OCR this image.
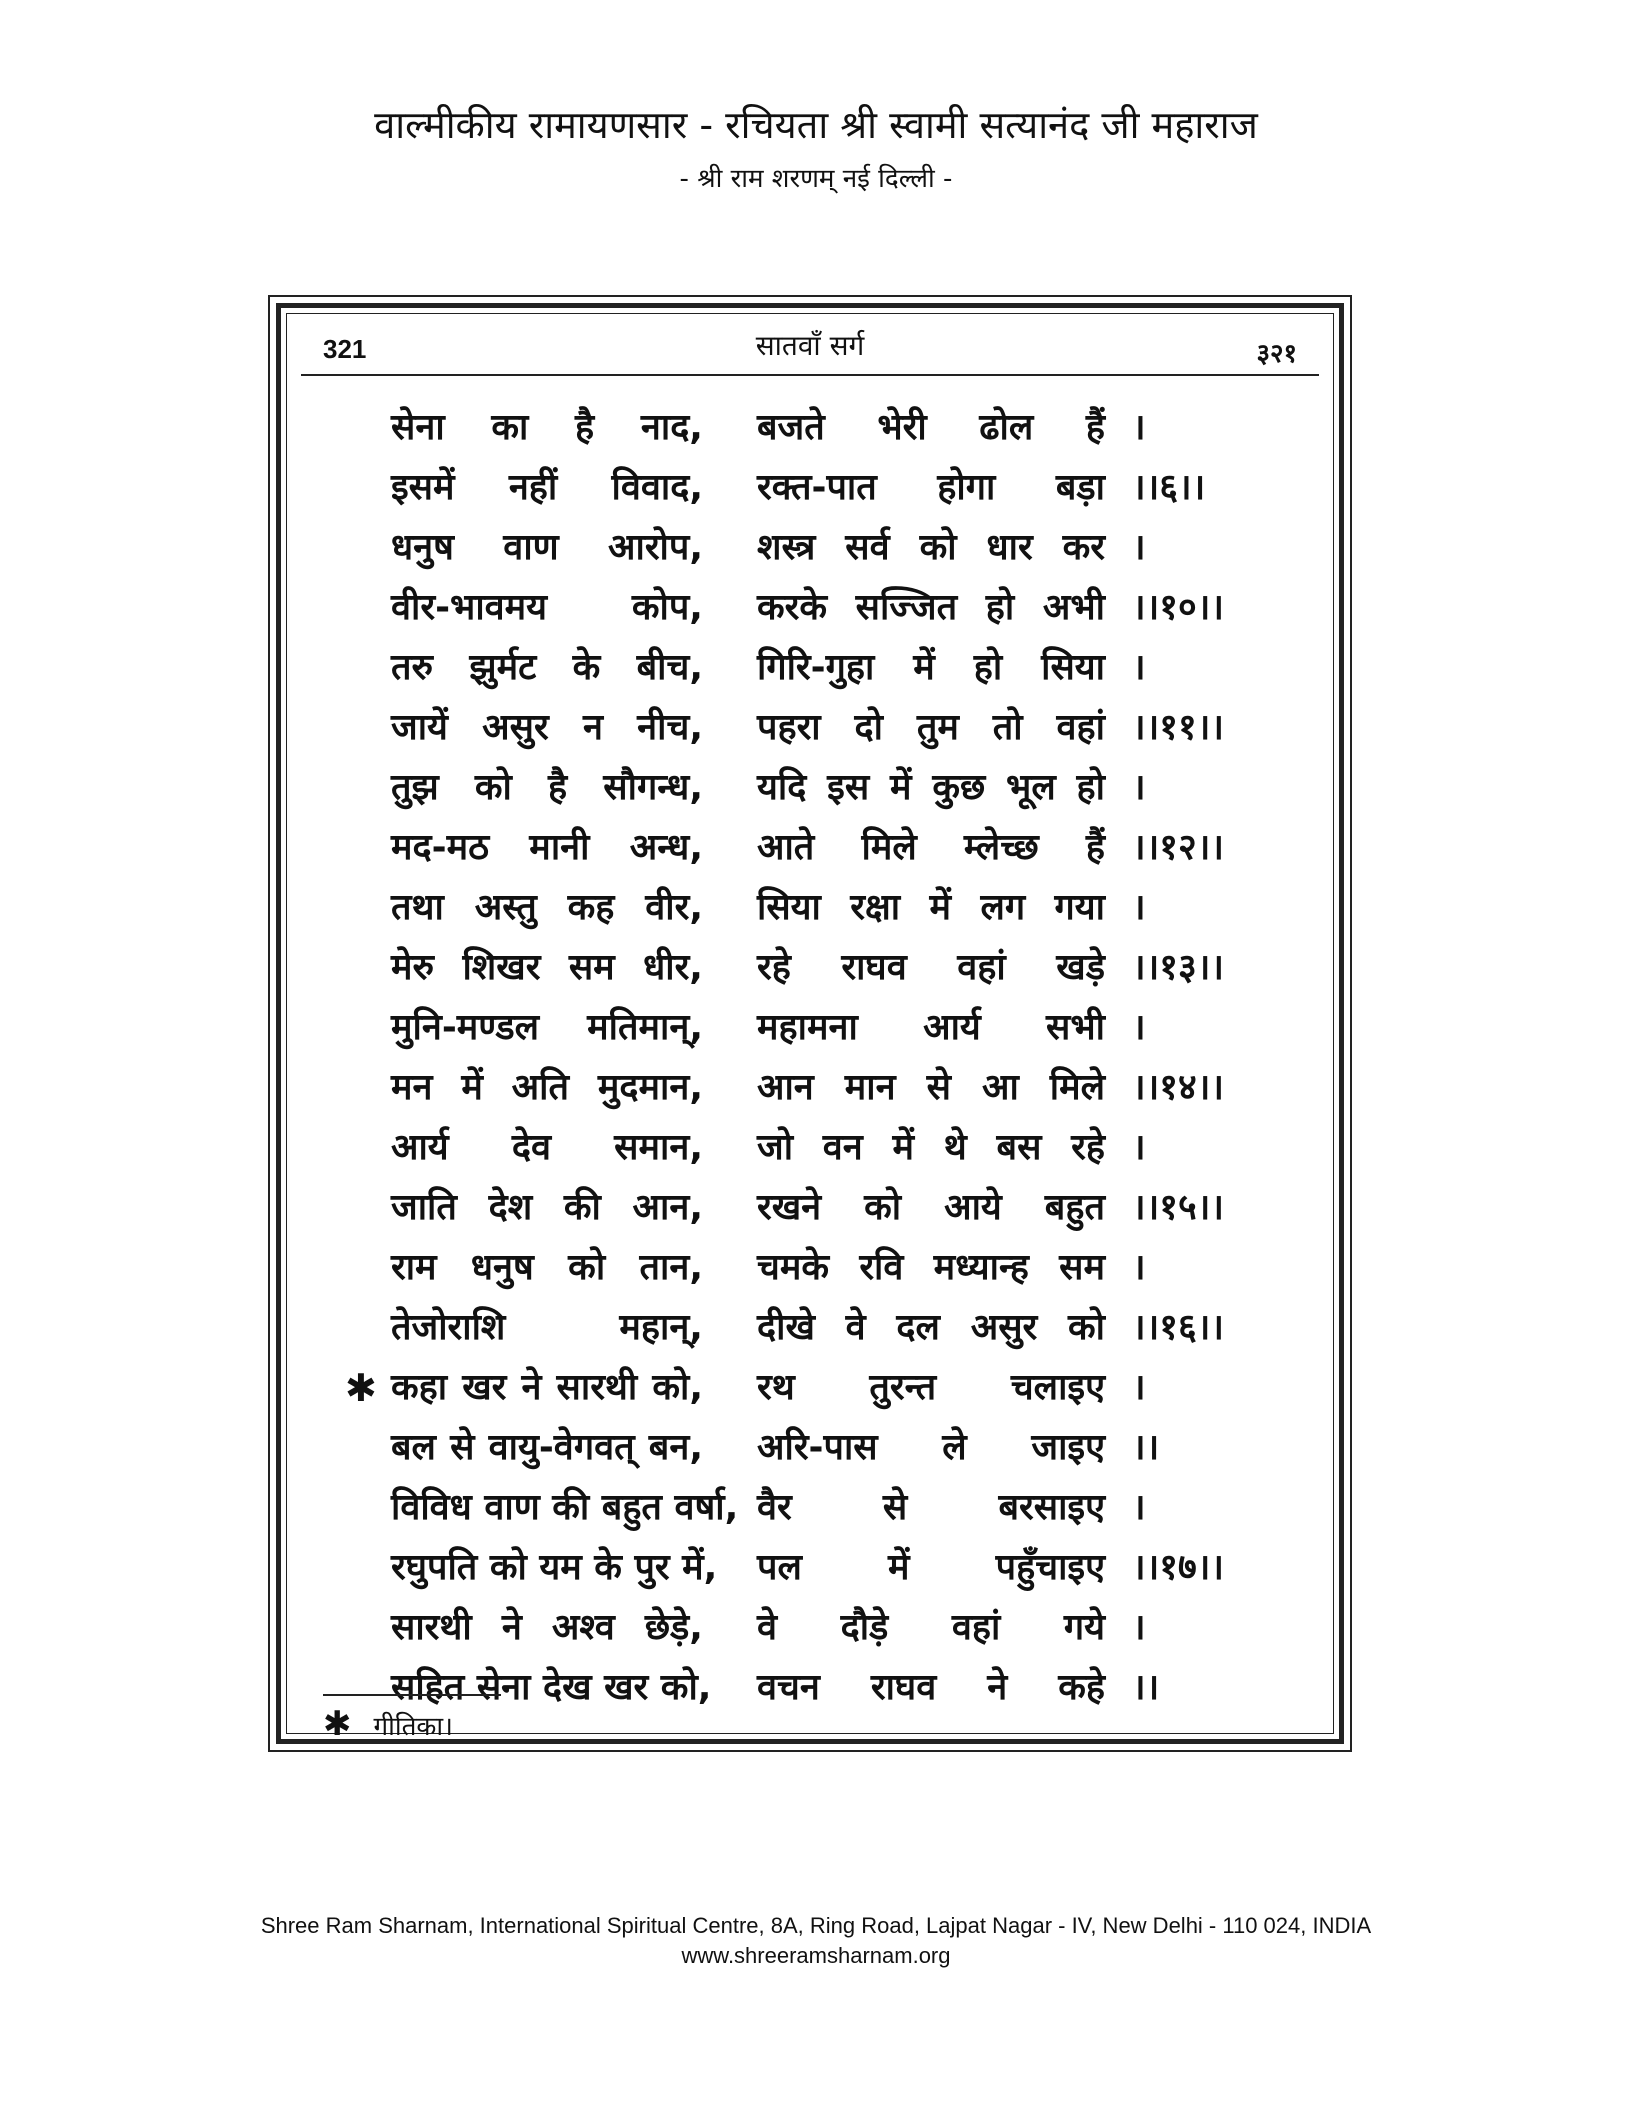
वाल्मीकीय रामायणसार - रचियता श्री स्वामी सत्यानंद जी महाराज
- श्री राम शरणम् नई दिल्ली -
321	सातवाँ सर्ग	३२१
सेना का है नाद, बजते भेरी ढोल हैं ।
इसमें नहीं विवाद, रक्त-पात होगा बड़ा ।।६।।
धनुष वाण आरोप, शस्त्र सर्व को धार कर ।
वीर-भावमय कोप, करके सज्जित हो अभी ।।१०।।
तरु झुर्मट के बीच, गिरि-गुहा में हो सिया ।
जायें असुर न नीच, पहरा दो तुम तो वहां ।।११।।
तुझ को है सौगन्ध, यदि इस में कुछ भूल हो ।
मद-मठ मानी अन्ध, आते मिले म्लेच्छ हैं ।।१२।।
तथा अस्तु कह वीर, सिया रक्षा में लग गया ।
मेरु शिखर सम धीर, रहे राघव वहां खड़े ।।१३।।
मुनि-मण्डल मतिमान्, महामना आर्य सभी ।
मन में अति मुदमान, आन मान से आ मिले ।।१४।।
आर्य देव समान, जो वन में थे बस रहे ।
जाति देश की आन, रखने को आये बहुत ।।१५।।
राम धनुष को तान, चमके रवि मध्यान्ह सम ।
तेजोराशि महान्, दीखे वे दल असुर को ।।१६।।
✱ कहा खर ने सारथी को, रथ तुरन्त चलाइए ।
बल से वायु-वेगवत् बन, अरि-पास ले जाइए ।।
विविध वाण की बहुत वर्षा, वैर से बरसाइए ।
रघुपति को यम के पुर में, पल में पहुँचाइए ।।१७।।
सारथी ने अश्व छेड़े, वे दौड़े वहां गये ।
सहित सेना देख खर को, वचन राघव ने कहे ।।
✱ गीतिका।
Shree Ram Sharnam, International Spiritual Centre, 8A, Ring Road, Lajpat Nagar - IV, New Delhi - 110 024, INDIA
www.shreeramsharnam.org
